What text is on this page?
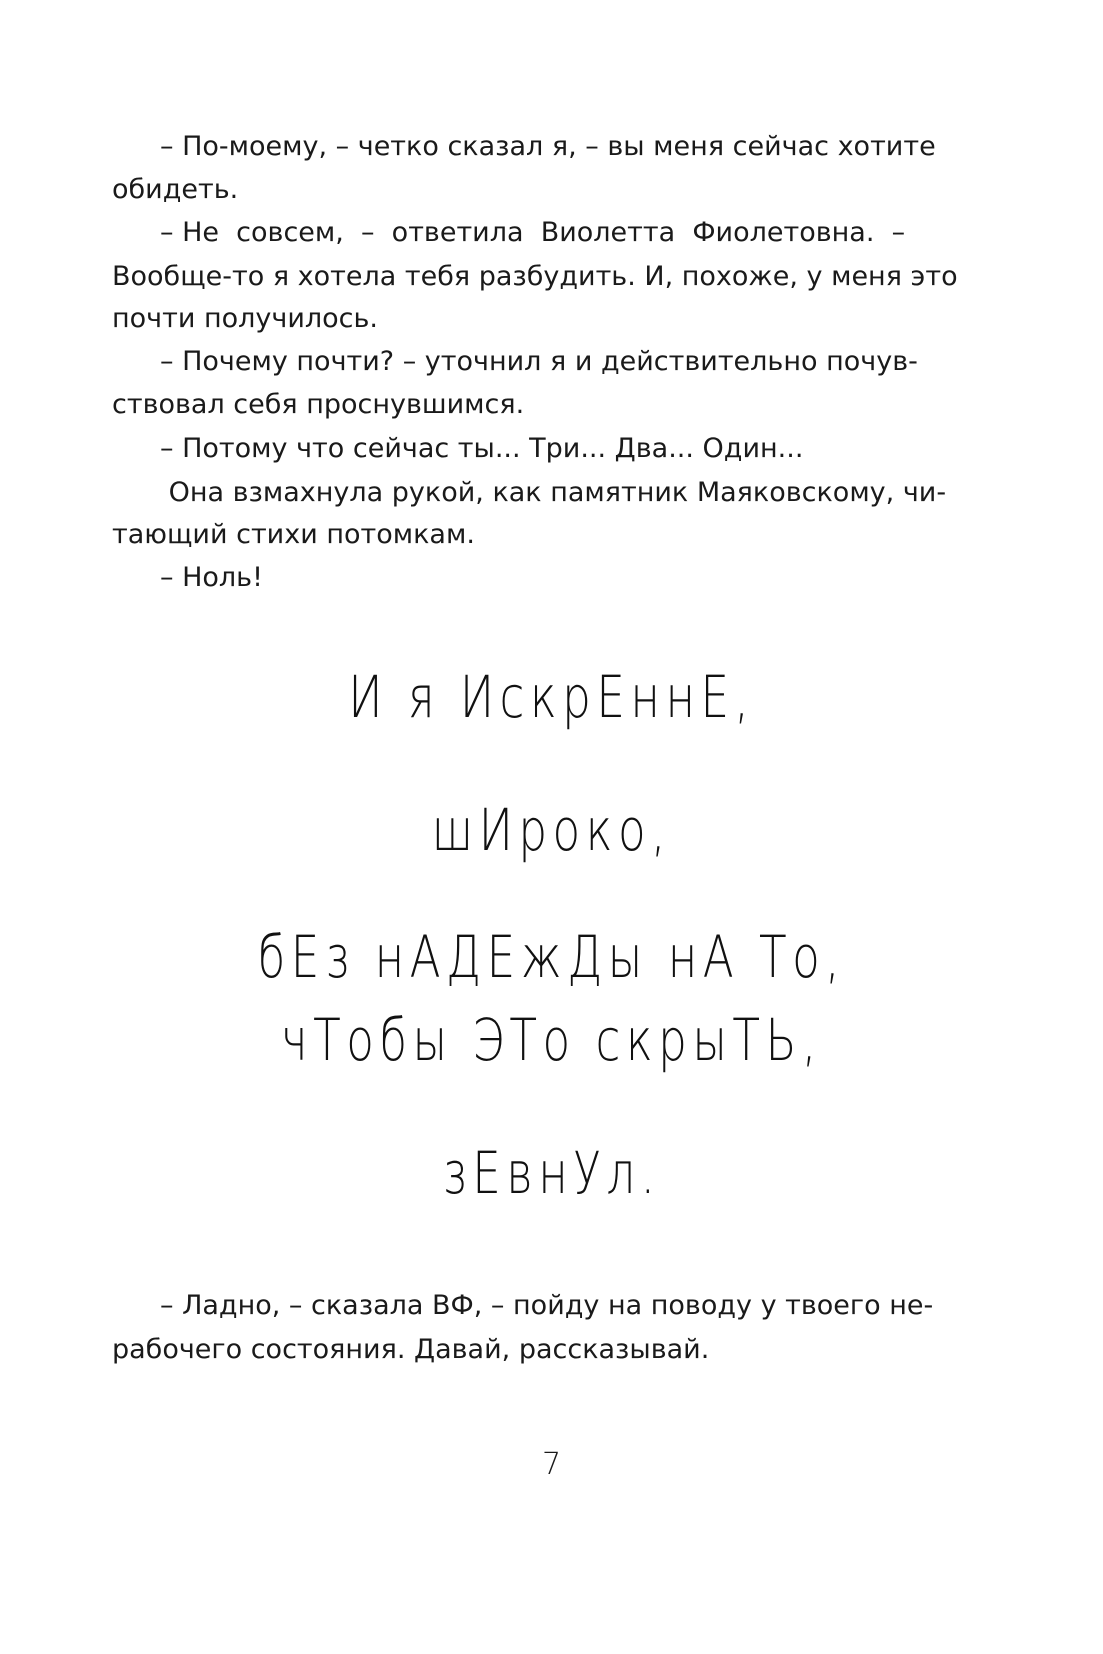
– По-моему, – четко сказал я, – вы меня сейчас хотите
обидеть.
– Не  совсем,  –  ответила  Виолетта  Фиолетовна.  –
Вообще-то я хотела тебя разбудить. И, похоже, у меня это
почти получилось.
– Почему почти? – уточнил я и действительно почув-
ствовал себя проснувшимся.
– Потому что сейчас ты... Три... Два... Один...
Она взмахнула рукой, как памятник Маяковскому, чи-
тающий стихи потомкам.
– Ноль!
И я ИскрЕннЕ,
шИроко,
бЕз нАДЕжДы нА То,
чТобы ЭТо скрыТЬ,
зЕвнУл.
– Ладно, – сказала ВФ, – пойду на поводу у твоего не-
рабочего состояния. Давай, рассказывай.
7
